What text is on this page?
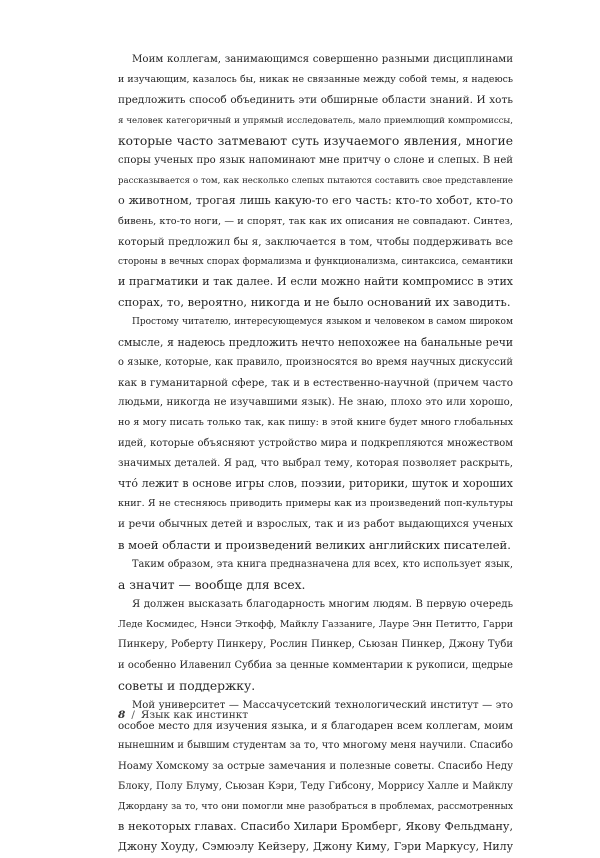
Моим коллегам, занимающимся совершенно разными дисциплинами
и изучающим, казалось бы, никак не связанные между собой темы, я надеюсь
предложить способ объединить эти обширные области знаний. И хоть
я человек категоричный и упрямый исследователь, мало приемлющий компромиссы,
которые часто затмевают суть изучаемого явления, многие
споры ученых про язык напоминают мне притчу о слоне и слепых. В ней
рассказывается о том, как несколько слепых пытаются составить свое представление
о животном, трогая лишь какую-то его часть: кто-то хобот, кто-то
бивень, кто-то ноги, — и спорят, так как их описания не совпадают. Синтез,
который предложил бы я, заключается в том, чтобы поддерживать все
стороны в вечных спорах формализма и функционализма, синтаксиса, семантики
и прагматики и так далее. И если можно найти компромисс в этих
спорах, то, вероятно, никогда и не было оснований их заводить.
Простому читателю, интересующемуся языком и человеком в самом широком
смысле, я надеюсь предложить нечто непохожее на банальные речи
о языке, которые, как правило, произносятся во время научных дискуссий
как в гуманитарной сфере, так и в естественно-научной (причем часто
людьми, никогда не изучавшими язык). Не знаю, плохо это или хорошо,
но я могу писать только так, как пишу: в этой книге будет много глобальных
идей, которые объясняют устройство мира и подкрепляются множеством
значимых деталей. Я рад, что выбрал тему, которая позволяет раскрыть,
что́ лежит в основе игры слов, поэзии, риторики, шуток и хороших
книг. Я не стесняюсь приводить примеры как из произведений поп-культуры
и речи обычных детей и взрослых, так и из работ выдающихся ученых
в моей области и произведений великих английских писателей.
Таким образом, эта книга предназначена для всех, кто использует язык,
а значит — вообще для всех.
Я должен высказать благодарность многим людям. В первую очередь
Леде Космидес, Нэнси Эткофф, Майклу Газзаниге, Лауре Энн Петитто, Гарри
Пинкеру, Роберту Пинкеру, Рослин Пинкер, Сьюзан Пинкер, Джону Туби
и особенно Илавенил Суббиа за ценные комментарии к рукописи, щедрые
советы и поддержку.
Мой университет — Массачусетский технологический институт — это
особое место для изучения языка, и я благодарен всем коллегам, моим
нынешним и бывшим студентам за то, что многому меня научили. Спасибо
Ноаму Хомскому за острые замечания и полезные советы. Спасибо Неду
Блоку, Полу Блуму, Сьюзан Кэри, Теду Гибсону, Моррису Халле и Майклу
Джордану за то, что они помогли мне разобраться в проблемах, рассмотренных
в некоторых главах. Спасибо Хилари Бромберг, Якову Фельдману,
Джону Хоуду, Сэмюэлу Кейзеру, Джону Киму, Гэри Маркусу, Нилу
8 / Язык как инстинкт
